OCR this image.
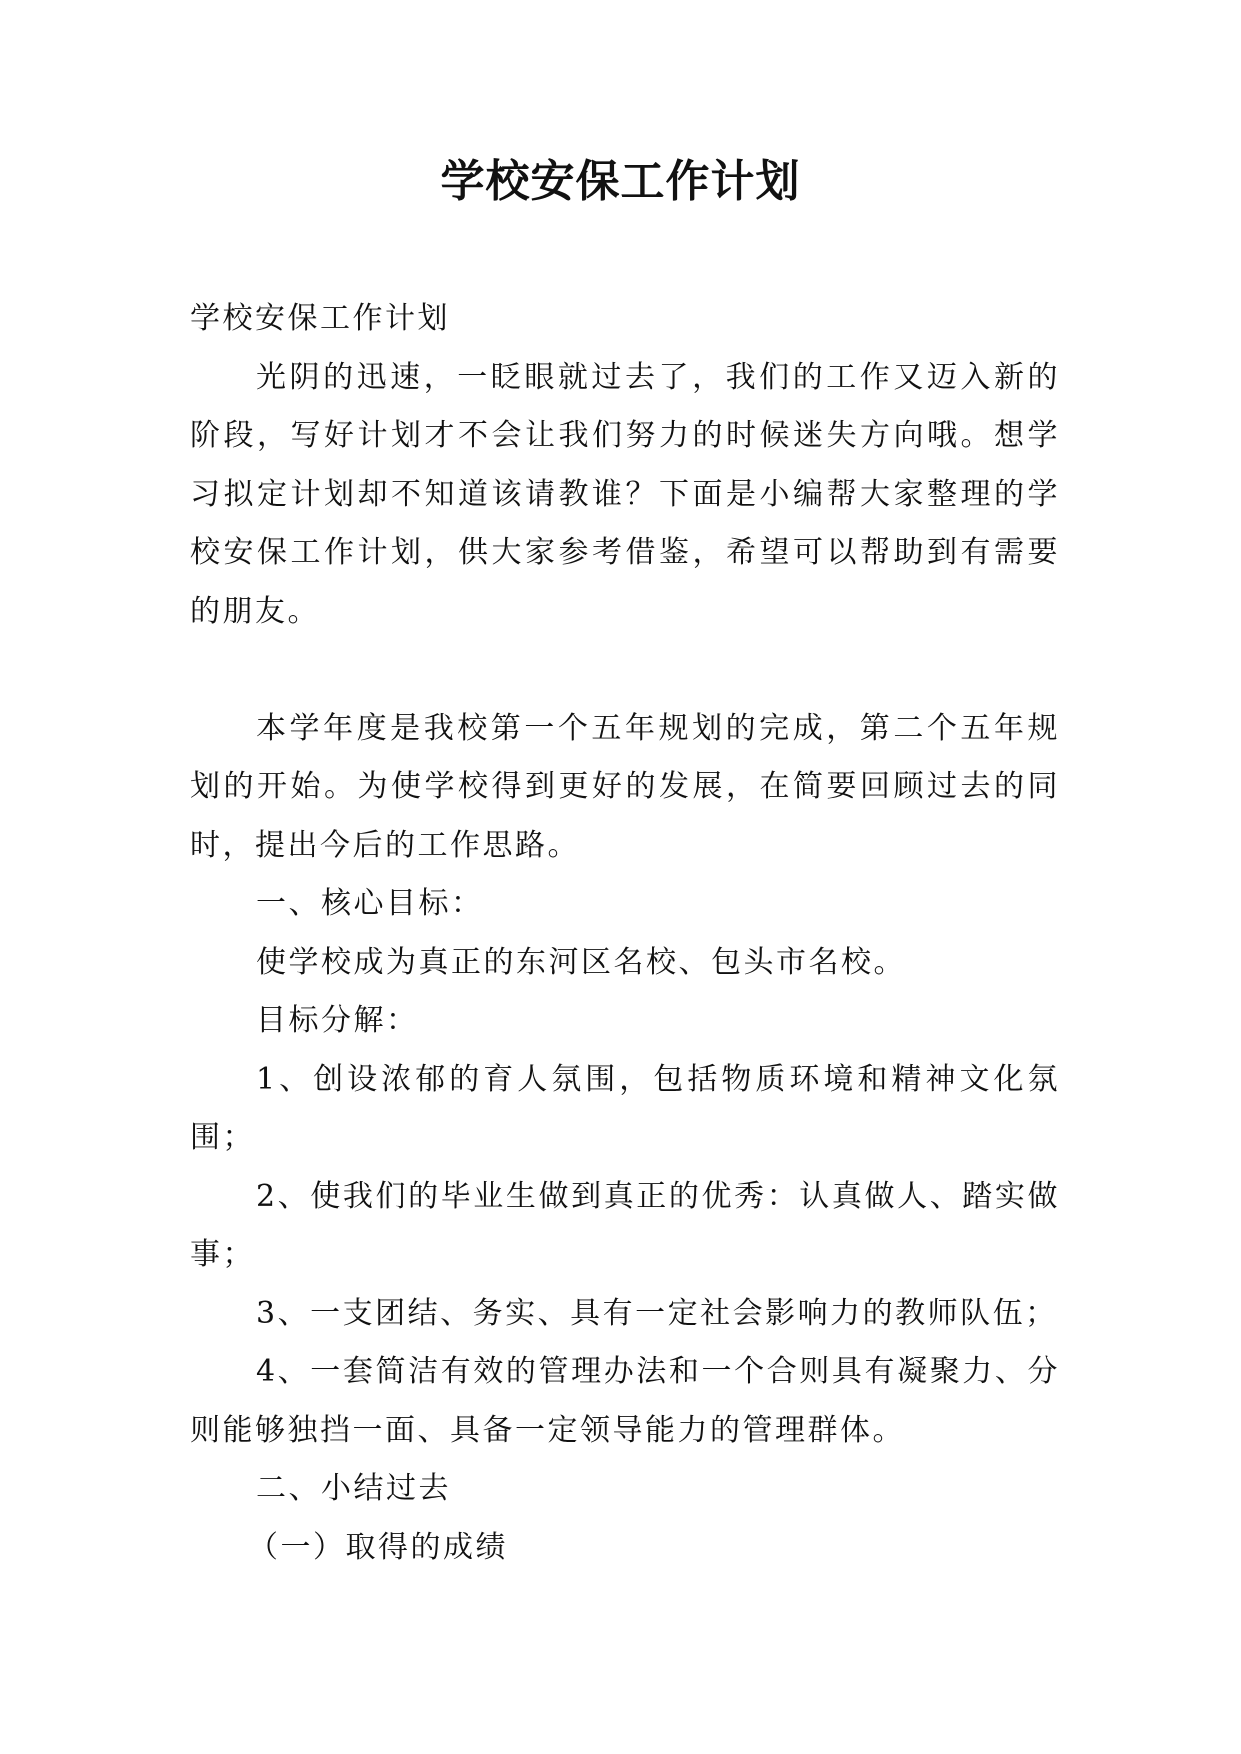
学校安保工作计划

学校安保工作计划

光阴的迅速，一眨眼就过去了，我们的工作又迈入新的阶段，写好计划才不会让我们努力的时候迷失方向哦。想学习拟定计划却不知道该请教谁？下面是小编帮大家整理的学校安保工作计划，供大家参考借鉴，希望可以帮助到有需要的朋友。

本学年度是我校第一个五年规划的完成，第二个五年规划的开始。为使学校得到更好的发展，在简要回顾过去的同时，提出今后的工作思路。

一、核心目标：

使学校成为真正的东河区名校、包头市名校。

目标分解：

1、创设浓郁的育人氛围，包括物质环境和精神文化氛围；

2、使我们的毕业生做到真正的优秀：认真做人、踏实做事；

3、一支团结、务实、具有一定社会影响力的教师队伍；

4、一套简洁有效的管理办法和一个合则具有凝聚力、分则能够独挡一面、具备一定领导能力的管理群体。

二、小结过去

（一）取得的成绩
